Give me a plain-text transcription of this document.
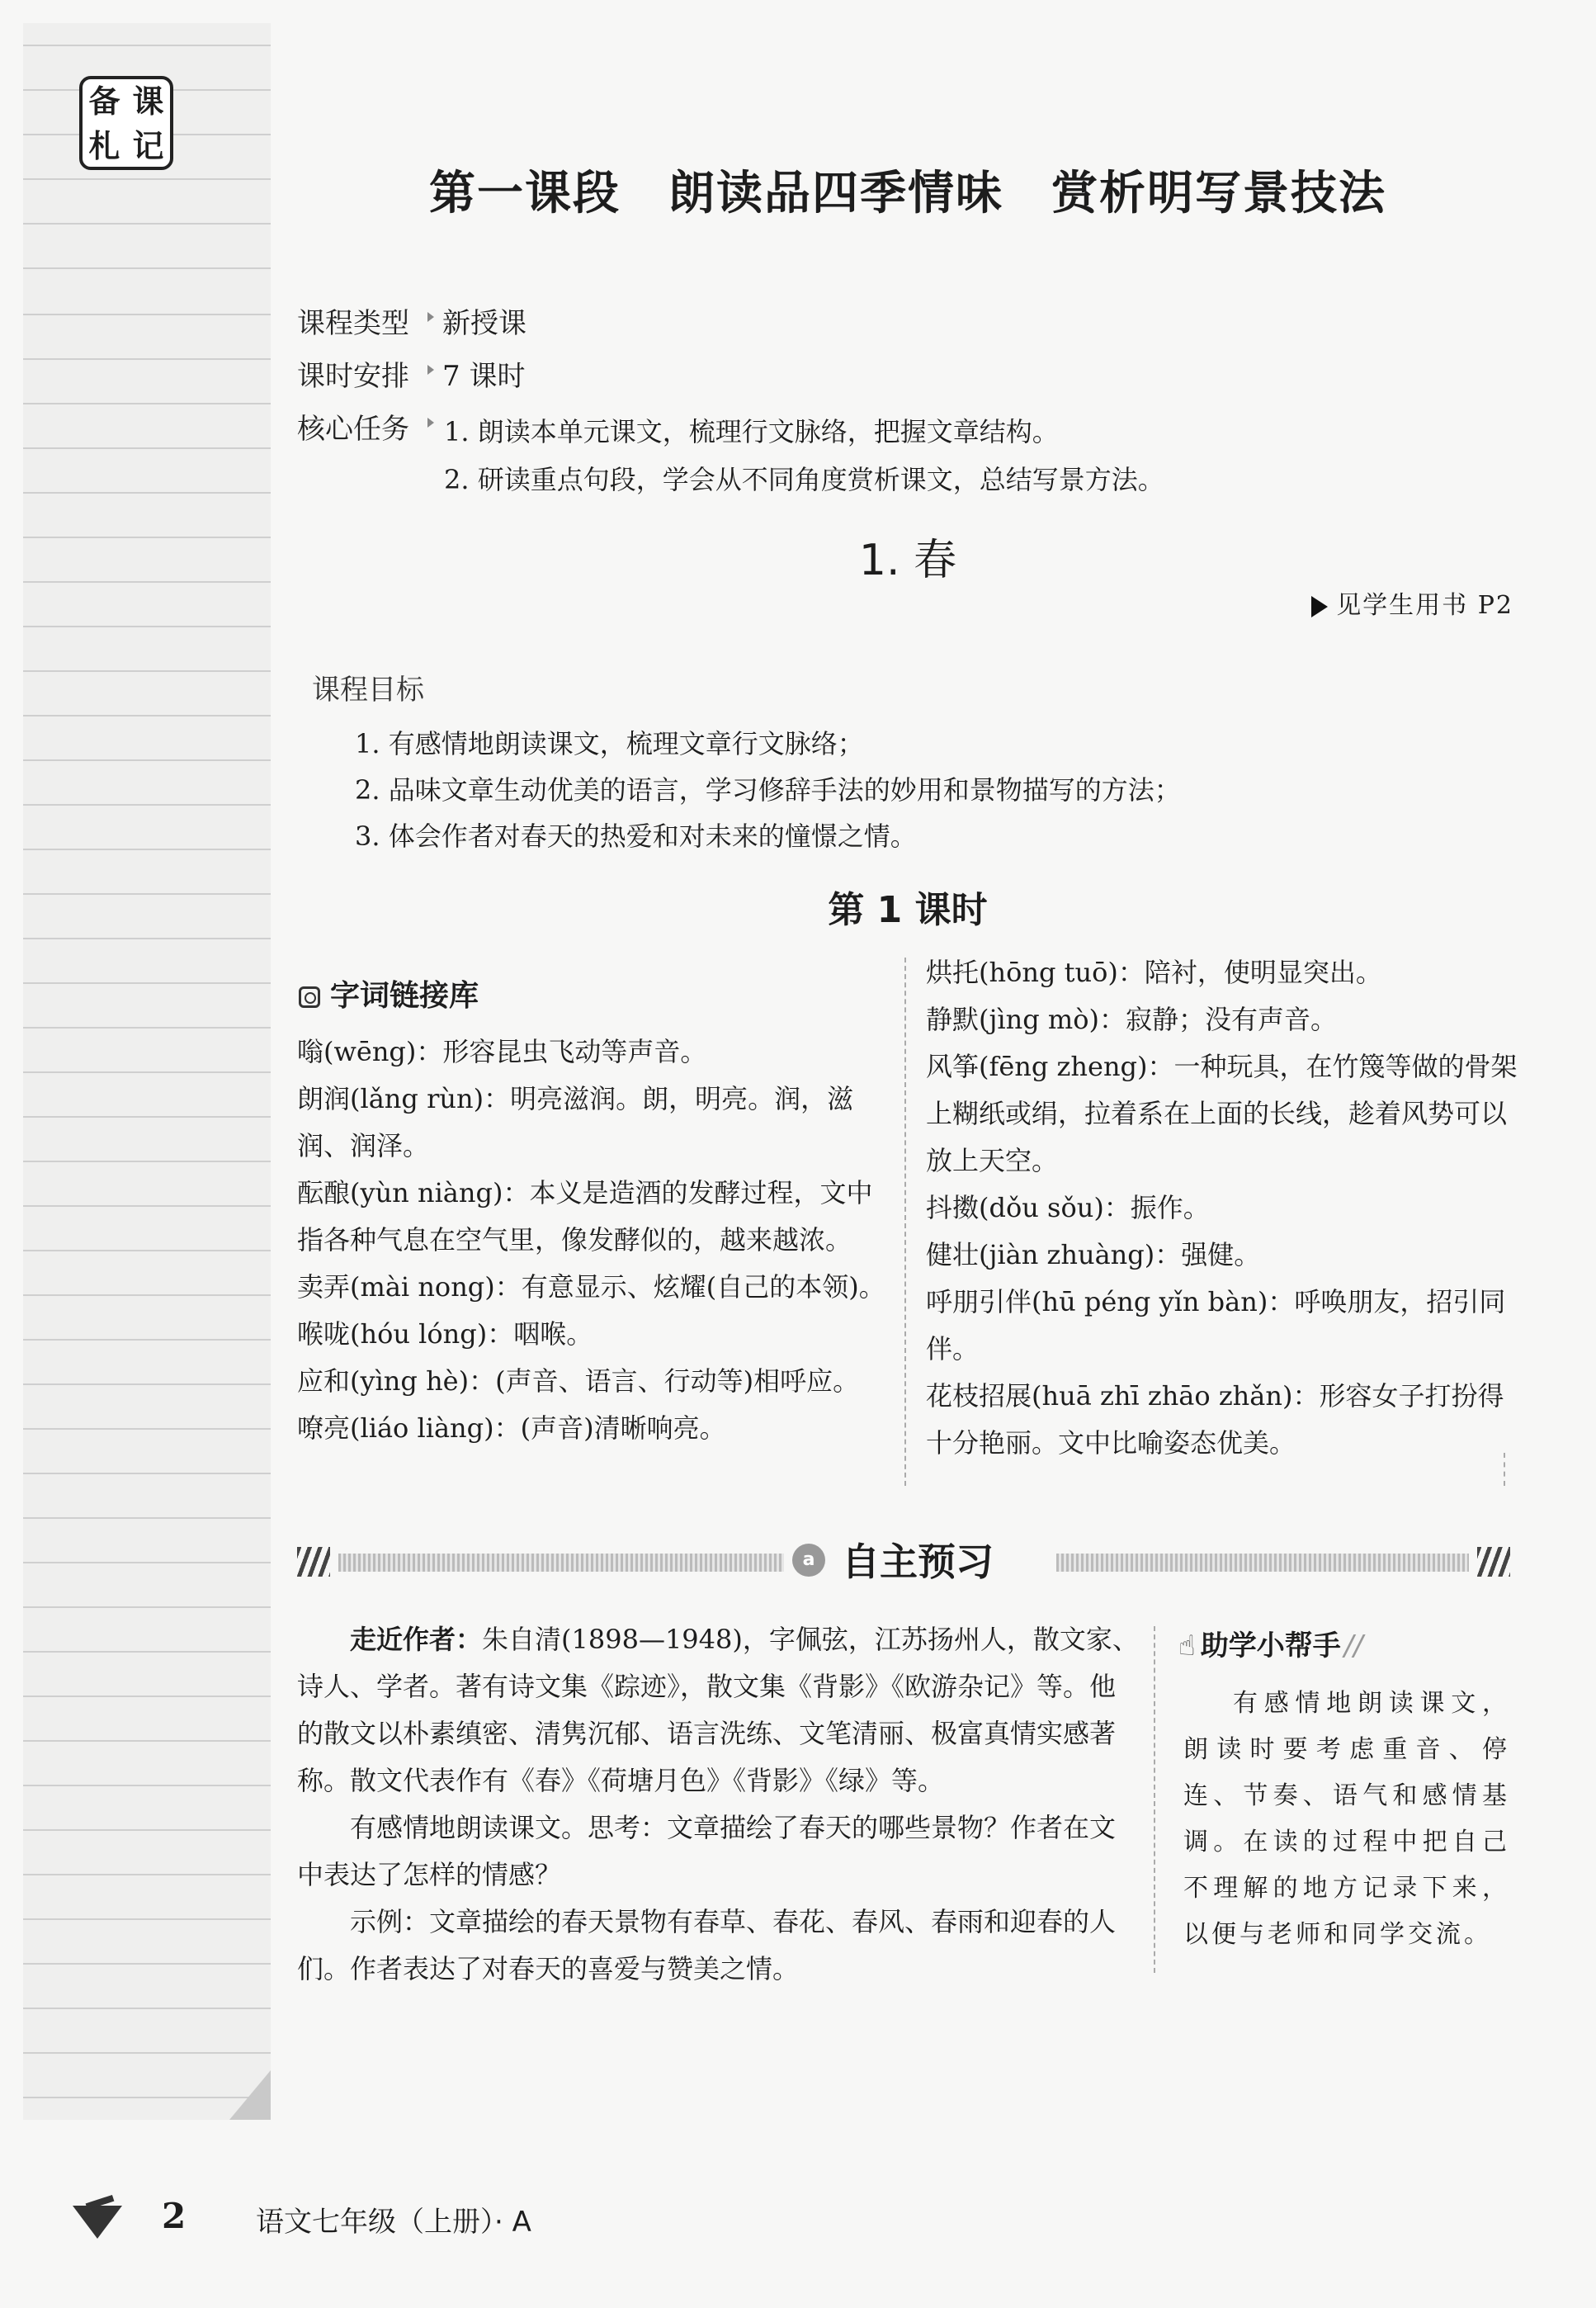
备 课
札 记
第一课段　朗读品四季情味　赏析明写景技法
课程类型	新授课
课时安排	7 课时
核心任务	1. 朗读本单元课文，梳理行文脉络，把握文章结构。
2. 研读重点句段，学会从不同角度赏析课文，总结写景方法。
1. 春
见学生用书 P2
课程目标
1. 有感情地朗读课文，梳理文章行文脉络；
2. 品味文章生动优美的语言，学习修辞手法的妙用和景物描写的方法；
3. 体会作者对春天的热爱和对未来的憧憬之情。
第 1 课时
字词链接库

嗡(wēng)：形容昆虫飞动等声音。

朗润(lǎng rùn)：明亮滋润。朗，明亮。润，滋润、润泽。

酝酿(yùn niàng)：本义是造酒的发酵过程，文中指各种气息在空气里，像发酵似的，越来越浓。

卖弄(mài nong)：有意显示、炫耀(自己的本领)。

喉咙(hóu lóng)：咽喉。

应和(yìng hè)：(声音、语言、行动等)相呼应。

嘹亮(liáo liàng)：(声音)清晰响亮。

烘托(hōng tuō)：陪衬，使明显突出。

静默(jìng mò)：寂静；没有声音。

风筝(fēng zheng)：一种玩具，在竹篾等做的骨架上糊纸或绢，拉着系在上面的长线，趁着风势可以放上天空。

抖擞(dǒu sǒu)：振作。

健壮(jiàn zhuàng)：强健。

呼朋引伴(hū péng yǐn bàn)：呼唤朋友，招引同伴。

花枝招展(huā zhī zhāo zhǎn)：形容女子打扮得十分艳丽。文中比喻姿态优美。

a 自主预习

走近作者：朱自清(1898—1948)，字佩弦，江苏扬州人，散文家、诗人、学者。著有诗文集《踪迹》，散文集《背影》《欧游杂记》等。他的散文以朴素缜密、清隽沉郁、语言洗练、文笔清丽、极富真情实感著称。散文代表作有《春》《荷塘月色》《背影》《绿》等。

有感情地朗读课文。思考：文章描绘了春天的哪些景物？作者在文中表达了怎样的情感？

示例：文章描绘的春天景物有春草、春花、春风、春雨和迎春的人们。作者表达了对春天的喜爱与赞美之情。

☝ 助学小帮手 //
有感情地朗读课文，朗读时要考虑重音、停连、节奏、语气和感情基调。在读的过程中把自己不理解的地方记录下来，以便与老师和同学交流。
2 语文七年级（上册）· A
